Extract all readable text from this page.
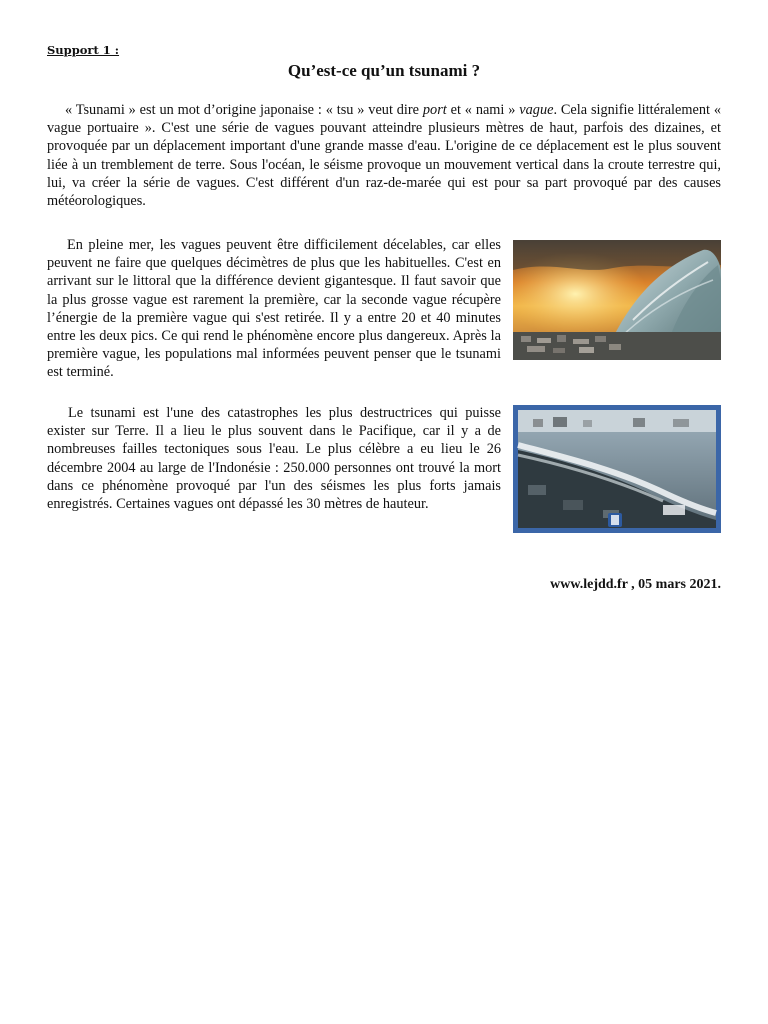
Support 1 :
Qu’est-ce qu’un tsunami ?

« Tsunami » est un mot d’origine japonaise : « tsu » veut dire port et « nami » vague. Cela signifie littéralement « vague portuaire ». C'est une série de vagues pouvant atteindre plusieurs mètres de haut, parfois des dizaines, et provoquée par un déplacement important d'une grande masse d'eau. L'origine de ce déplacement est le plus souvent liée à un tremblement de terre. Sous l'océan, le séisme provoque un mouvement vertical dans la croute terrestre qui, lui, va créer la série de vagues. C'est différent d'un raz-de-marée qui est pour sa part provoqué par des causes météorologiques.

En pleine mer, les vagues peuvent être difficilement décelables, car elles peuvent ne faire que quelques décimètres de plus que les habituelles. C'est en arrivant sur le littoral que la différence devient gigantesque. Il faut savoir que la plus grosse vague est rarement la première, car la seconde vague récupère l’énergie de la première vague qui s'est retirée. Il y a entre 20 et 40 minutes entre les deux pics. Ce qui rend le phénomène encore plus dangereux. Après la première vague, les populations mal informées peuvent penser que le tsunami est terminé.

Le tsunami est l'une des catastrophes les plus destructrices qui puisse exister sur Terre. Il a lieu le plus souvent dans le Pacifique, car il y a de nombreuses failles tectoniques sous l'eau. Le plus célèbre a eu lieu le 26 décembre 2004 au large de l'Indonésie : 250.000 personnes ont trouvé la mort dans ce phénomène provoqué par l'un des séismes les plus forts jamais enregistrés. Certaines vagues ont dépassé les 30 mètres de hauteur.

www.lejdd.fr , 05 mars 2021.
